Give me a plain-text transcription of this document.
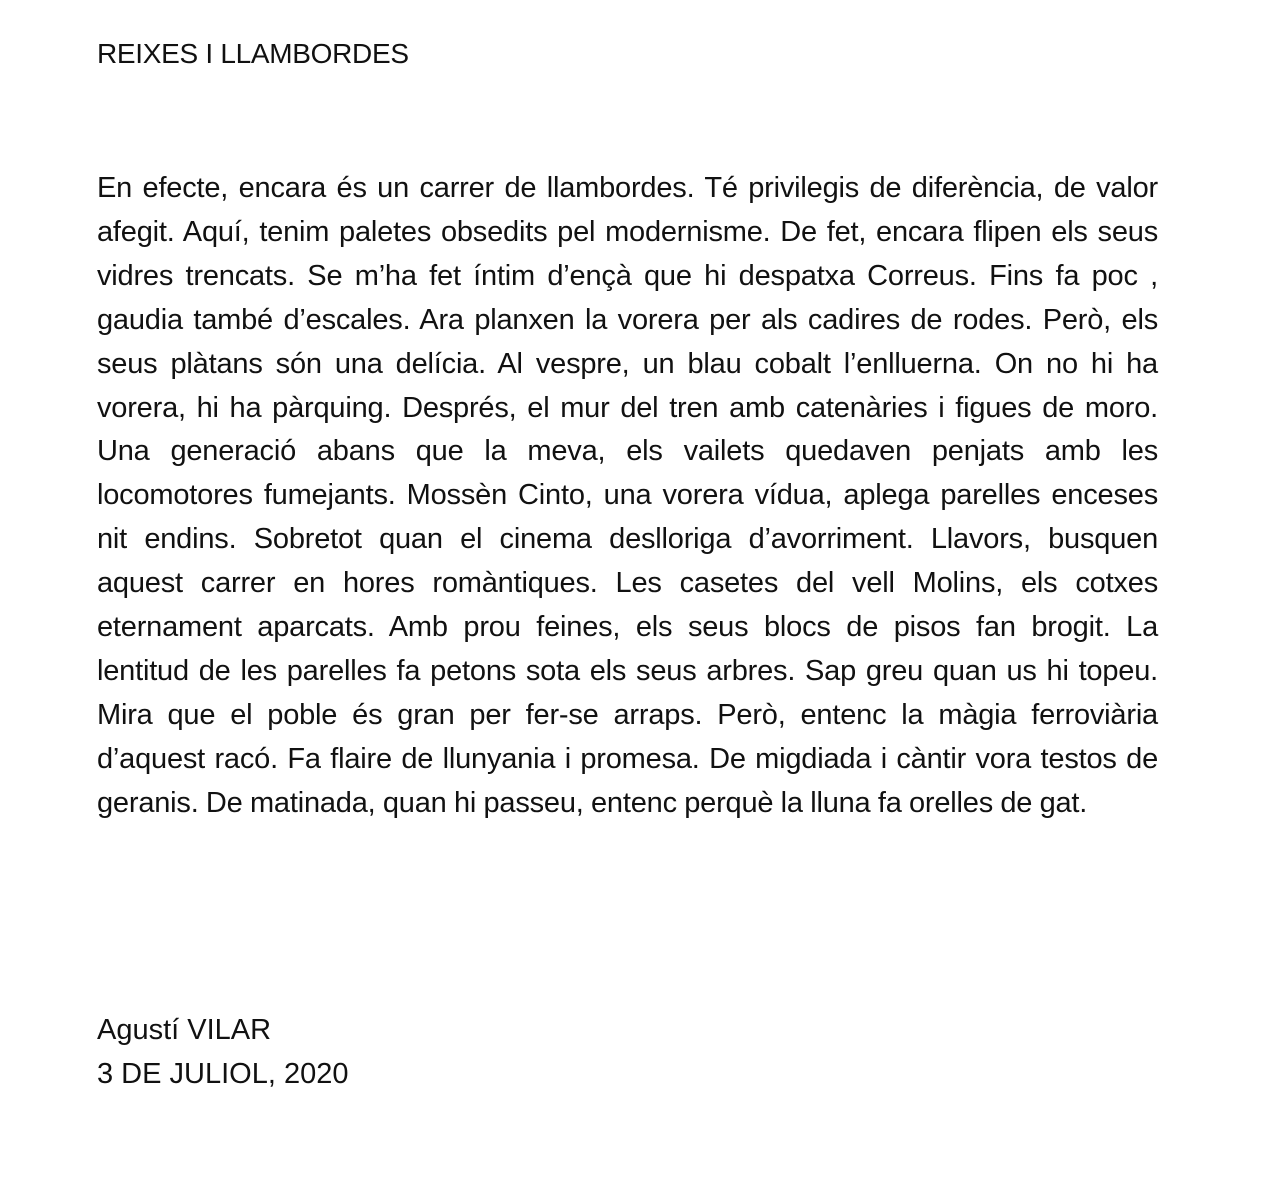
REIXES I LLAMBORDES

En efecte, encara és un carrer de llambordes. Té privilegis de diferència, de valor afegit. Aquí, tenim paletes obsedits pel modernisme. De fet, encara flipen els seus vidres trencats. Se m’ha fet íntim d’ençà que hi despatxa Correus. Fins fa poc , gaudia també d’escales. Ara planxen la vorera per als cadires de rodes. Però, els seus plàtans són una delícia. Al vespre, un blau cobalt l’enlluerna. On no hi ha vorera, hi ha pàrquing. Després, el mur del tren amb catenàries i figues de moro. Una generació abans que la meva, els vailets quedaven penjats amb les locomotores fumejants. Mossèn Cinto, una vorera vídua, aplega parelles enceses nit endins. Sobretot quan el cinema deslloriga d’avorriment. Llavors, busquen aquest carrer en hores romàntiques. Les casetes del vell Molins, els cotxes eternament aparcats. Amb prou feines, els seus blocs de pisos fan brogit. La lentitud de les parelles fa petons sota els seus arbres. Sap greu quan us hi topeu. Mira que el poble és gran per fer-se arraps. Però, entenc la màgia ferroviària d’aquest racó. Fa flaire de llunyania i promesa. De migdiada i càntir vora testos de geranis. De matinada, quan hi passeu, entenc perquè la lluna fa orelles de gat.

Agustí VILAR
3 DE JULIOL, 2020
